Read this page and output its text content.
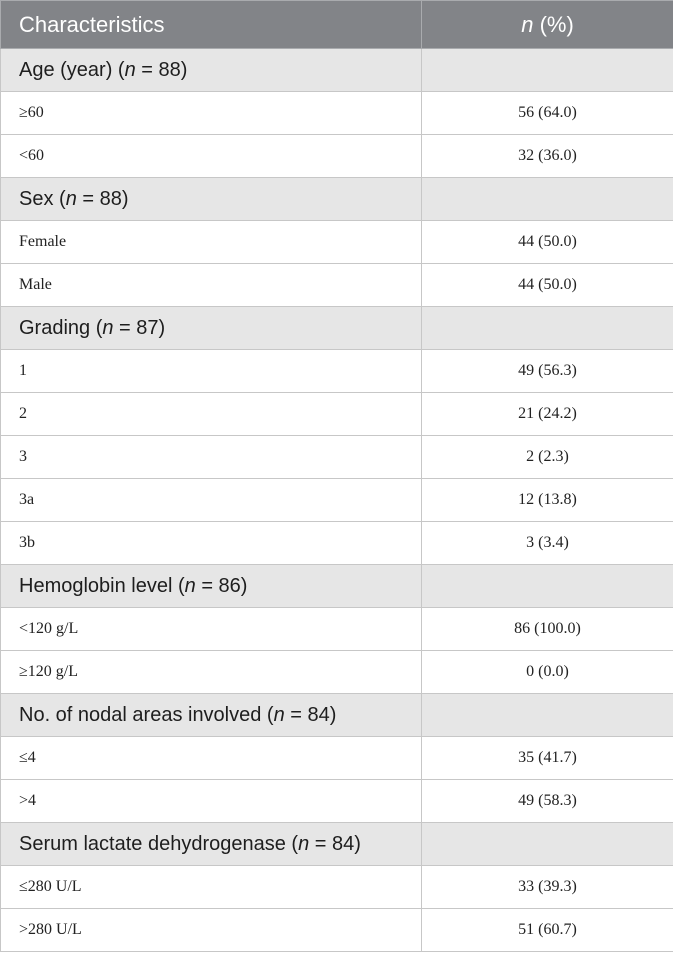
Characteristics	n (%)
Age (year) (n = 88)	
≥60	56 (64.0)
<60	32 (36.0)
Sex (n = 88)	
Female	44 (50.0)
Male	44 (50.0)
Grading (n = 87)	
1	49 (56.3)
2	21 (24.2)
3	2 (2.3)
3a	12 (13.8)
3b	3 (3.4)
Hemoglobin level (n = 86)	
<120 g/L	86 (100.0)
≥120 g/L	0 (0.0)
No. of nodal areas involved (n = 84)	
≤4	35 (41.7)
>4	49 (58.3)
Serum lactate dehydrogenase (n = 84)	
≤280 U/L	33 (39.3)
>280 U/L	51 (60.7)
